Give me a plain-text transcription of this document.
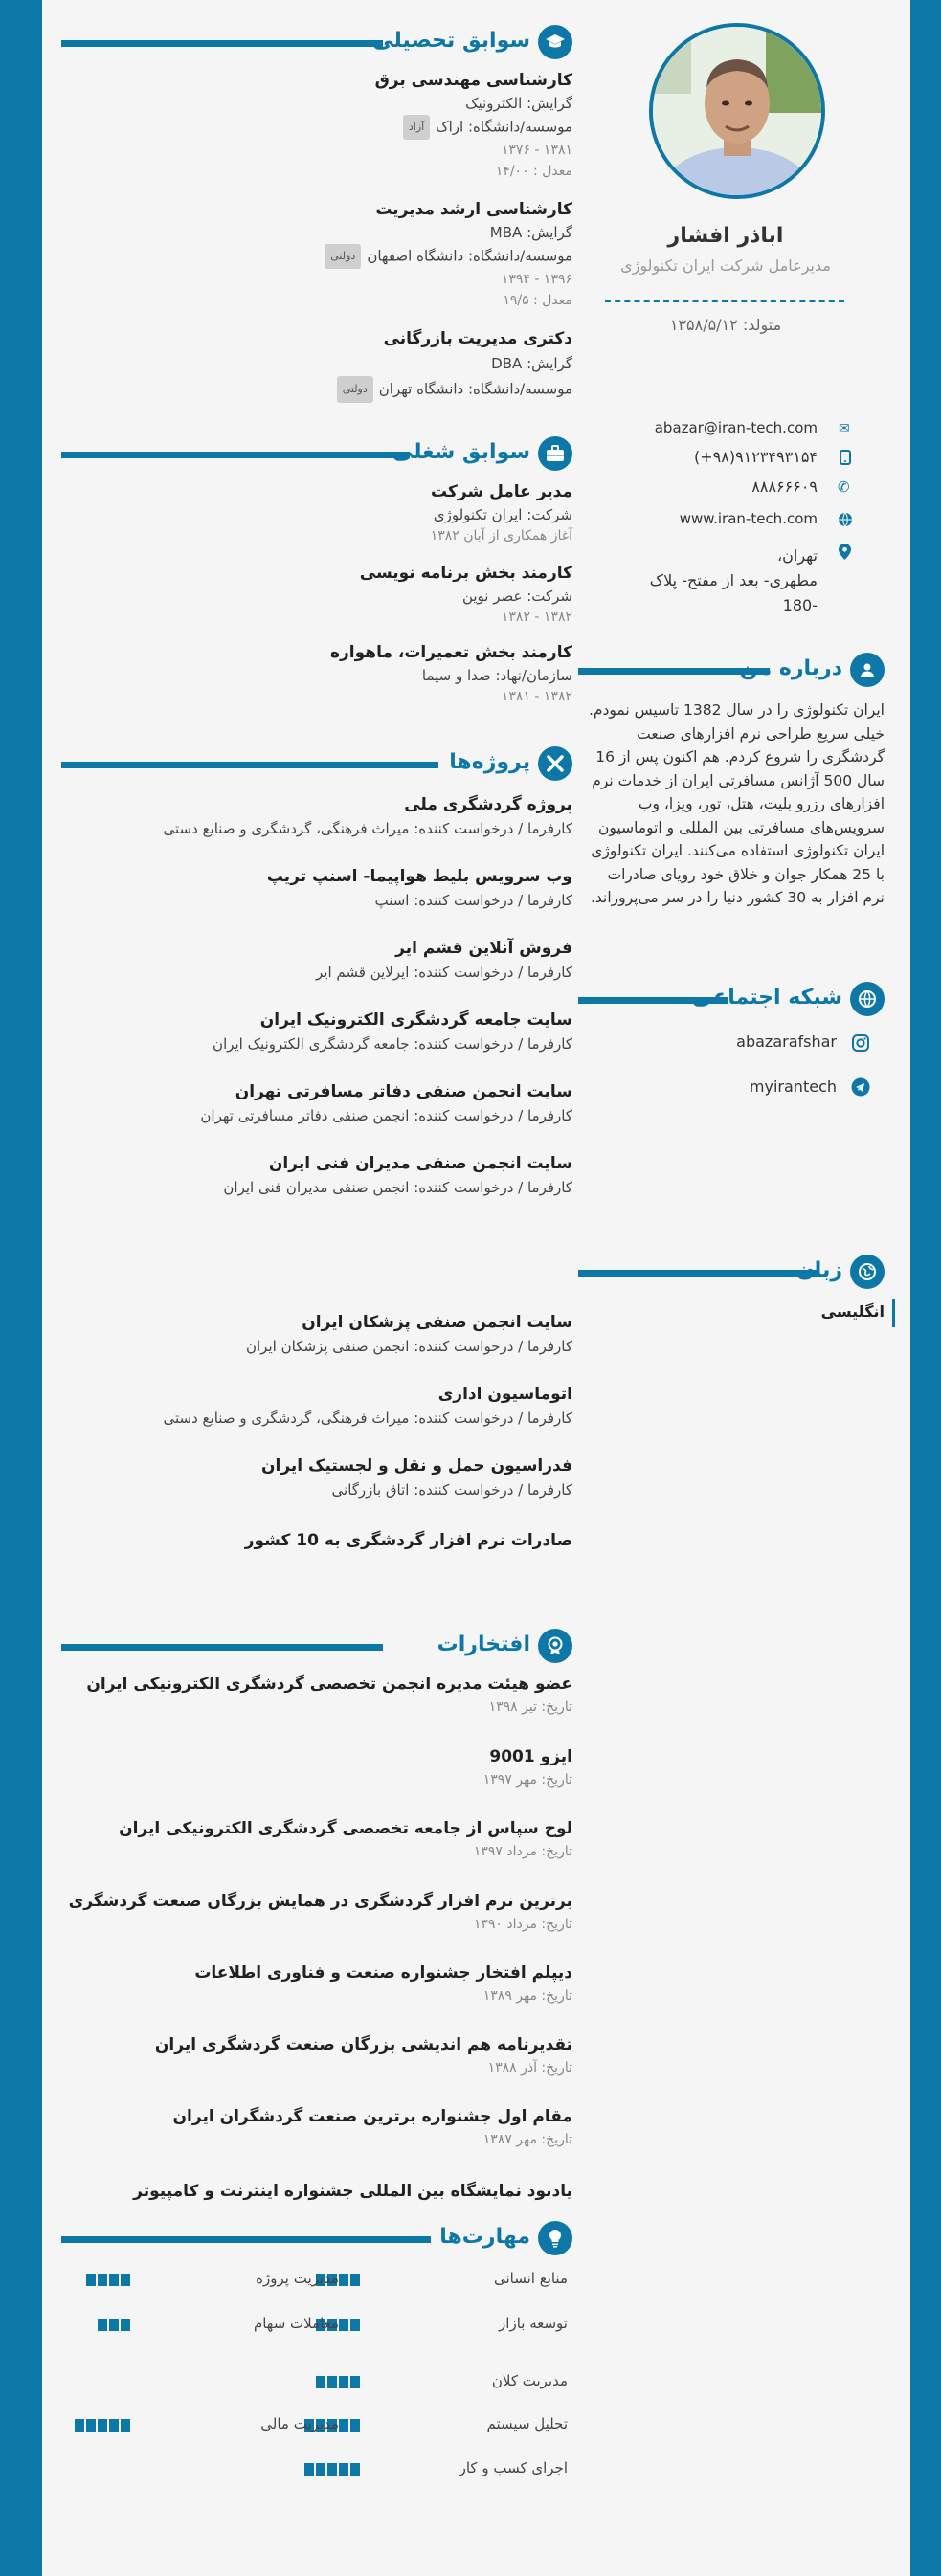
اباذر افشار
مدیرعامل شرکت ایران تکنولوژی
متولد: ۱۳۵۸/۵/۱۲
✉
abazar@iran-tech.com
(+۹۸)۹۱۲۳۴۹۳۱۵۴
✆
۸۸۸۶۶۶۰۹
www.iran-tech.com
تهران،
مطهری- بعد از مفتح- پلاک
-180
درباره من
ایران تکنولوژی را در سال 1382 تاسیس نمودم.
خیلی سریع طراحی نرم افزارهای صنعت
گردشگری را شروع کردم. هم اکنون پس از 16
سال 500 آژانس مسافرتی ایران از خدمات نرم
افزارهای رزرو بلیت، هتل، تور، ویزا، وب
سرویس‌های مسافرتی بین المللی و اتوماسیون
ایران تکنولوژی استفاده می‌کنند. ایران تکنولوژی
با 25 همکار جوان و خلاق خود رویای صادرات
نرم افزار به 30 کشور دنیا را در سر می‌پروراند.
شبکه اجتماعی
abazarafshar
myirantech
زبان
انگلیسی
سوابق تحصیلی
کارشناسی مهندسی برق
گرایش: الکترونیک
موسسه/دانشگاه: اراکآزاد
۱۳۸۱ - ۱۳۷۶
معدل : ۱۴/۰۰
کارشناسی ارشد مدیریت
گرایش: MBA
موسسه/دانشگاه: دانشگاه اصفهاندولتی
۱۳۹۶ - ۱۳۹۴
معدل : ۱۹/۵
دکتری مدیریت بازرگانی
گرایش: DBA
موسسه/دانشگاه: دانشگاه تهراندولتی
سوابق شغلی
مدیر عامل شرکت
شرکت: ایران تکنولوژی
آغاز همکاری از آبان ۱۳۸۲
کارمند بخش برنامه نویسی
شرکت: عصر نوین
۱۳۸۲ - ۱۳۸۲
کارمند بخش تعمیرات، ماهواره
سازمان/نهاد: صدا و سیما
۱۳۸۲ - ۱۳۸۱
پروژه‌ها
پروژه گردشگری ملی
کارفرما / درخواست کننده: میراث فرهنگی، گردشگری و صنایع دستی
وب سرویس بلیط هواپیما- اسنپ تریپ
کارفرما / درخواست کننده: اسنپ
فروش آنلاین قشم ایر
کارفرما / درخواست کننده: ایرلاین قشم ایر
سایت جامعه گردشگری الکترونیک ایران
کارفرما / درخواست کننده: جامعه گردشگری الکترونیک ایران
سایت انجمن صنفی دفاتر مسافرتی تهران
کارفرما / درخواست کننده: انجمن صنفی دفاتر مسافرتی تهران
سایت انجمن صنفی مدیران فنی ایران
کارفرما / درخواست کننده: انجمن صنفی مدیران فنی ایران
سایت انجمن صنفی پزشکان ایران
کارفرما / درخواست کننده: انجمن صنفی پزشکان ایران
اتوماسیون اداری
کارفرما / درخواست کننده: میراث فرهنگی، گردشگری و صنایع دستی
فدراسیون حمل و نقل و لجستیک ایران
کارفرما / درخواست کننده: اتاق بازرگانی
صادرات نرم افزار گردشگری به 10 کشور
افتخارات
عضو هیئت مدیره انجمن تخصصی گردشگری الکترونیکی ایران
تاریخ: تیر ۱۳۹۸
ایزو 9001
تاریخ: مهر ۱۳۹۷
لوح سپاس از جامعه تخصصی گردشگری الکترونیکی ایران
تاریخ: مرداد ۱۳۹۷
برترین نرم افزار گردشگری در همایش بزرگان صنعت گردشگری
تاریخ: مرداد ۱۳۹۰
دیپلم افتخار جشنواره صنعت و فناوری اطلاعات
تاریخ: مهر ۱۳۸۹
تقدیرنامه هم اندیشی بزرگان صنعت گردشگری ایران
تاریخ: آذر ۱۳۸۸
مقام اول جشنواره برترین صنعت گردشگران ایران
تاریخ: مهر ۱۳۸۷
یادبود نمایشگاه بین المللی جشنواره اینترنت و کامپیوتر
مهارت‌ها
منابع انسانی
مدیریت پروژه
توسعه بازار
معاملات سهام
مدیریت کلان
تحلیل سیستم
مدیریت مالی
اجرای کسب و کار
